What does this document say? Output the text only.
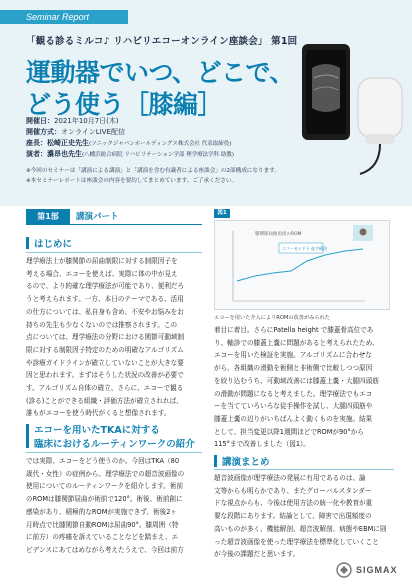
Seminar Report
「観る診るミルコ♪ リハビリエコーオンライン座談会」 第1回
運動器でいつ、どこで、
どう使う［膝編］
開催日：2021年10月7日(木)
開催方式：オンラインLIVE配信
座長：松崎正史先生(ソニックジャパンホールディングス株式会社 代表取締役)
演者：濃昂也先生(八幡浜総合病院 リハビリテーション学部 理学療法学科 助教)
※今回のセミナーは「講演による講演」と「講演を含む有識者による座談会」の2部構成になります。
※本セミナーレポートは座談会の内容を要約してまとめています。ご了承ください。
第1部	講演パート
はじめに

理学療法士が膝関節の屈曲制限に対する制限因子を

考える場合、エコーを使えば、実際に体の中が見え

るので、より的確な理学療法が可能であり、便利だろ

うと考えられます。一方、本日のテーマである、活用

の仕方については、私自身も含め、不安やお悩みをお

持ちの先生も少なくないのでは推察されます。この

点については、理学療法の分野における関節可動域制

限に対する制限因子特定のための明確なアルゴリズム

や診療ガイドラインが確立していないことが大きな要

因と思われます。まずはそうした状況の改善が必要で

す。アルゴリズム自体の確立、さらに、エコーで観る

(診る)ことができる組織・評価方法が確立されれば、

誰もがエコーを使う時代がくると想像されます。

エコーを用いたTKAに対する
臨床におけるルーティンワークの紹介

では実際、エコーをどう使うのか。今回はTKA（80

歳代・女性）の症例から、理学療法での超音波画像の

使用についてのルーティンワークを紹介します。術前

のROMは膝関節屈曲が術前で120°。術後、術前創に

感染があり、積極的なROMが実施できず、術後2ヶ

月時点で比膝関節自動ROMは屈曲90°。膝周囲（特

に前方）の疼痛を訴えていることなどを踏まえ、エ

ビデンスにあてはめながら考えたうえで、今回は前方

図1
膝関節屈曲角度のROM
エコーガイド下 徒手療法
エコーを用いた介入によりROMの改善がみられた

着目に着目。さらにPatella height で膝蓋骨高位であ

り、軸診での膝蓋上嚢に問題があると考えられたため、

エコーを用いた検証を実施。アルゴリズムに合わせな

がら、各組織の滑動を術側と非術側で比較しつつ原因

を絞り込むうち、可動域改善には膝蓋上嚢・大腿四頭筋

の滑動が問題になると考えました。理学療法でもエコ

ーを当てていろいろな徒手操作を試し、大腿四頭筋や

膝蓋上嚢の辺りがいちばんよく動くものを実施。結果

として、担当変更以降1週間ほどでROMが90°から

115°まで改善しました（図1）。

講演まとめ

超音波画像が理学療法の発展に有用であるのは、論

文等からも明らかであり、またグローバルスタンダー

ドな視点からも、今後は使用方法の統一化や教育が重

要な段階にあります。結論として、障害で出現頻度の

高いものが多く、機能解剖、超音波解剖、病態やEBMに則

った超音波画像を使った理学療法を標準化していくこと

が今後の課題だと思います。

SIGMAX
